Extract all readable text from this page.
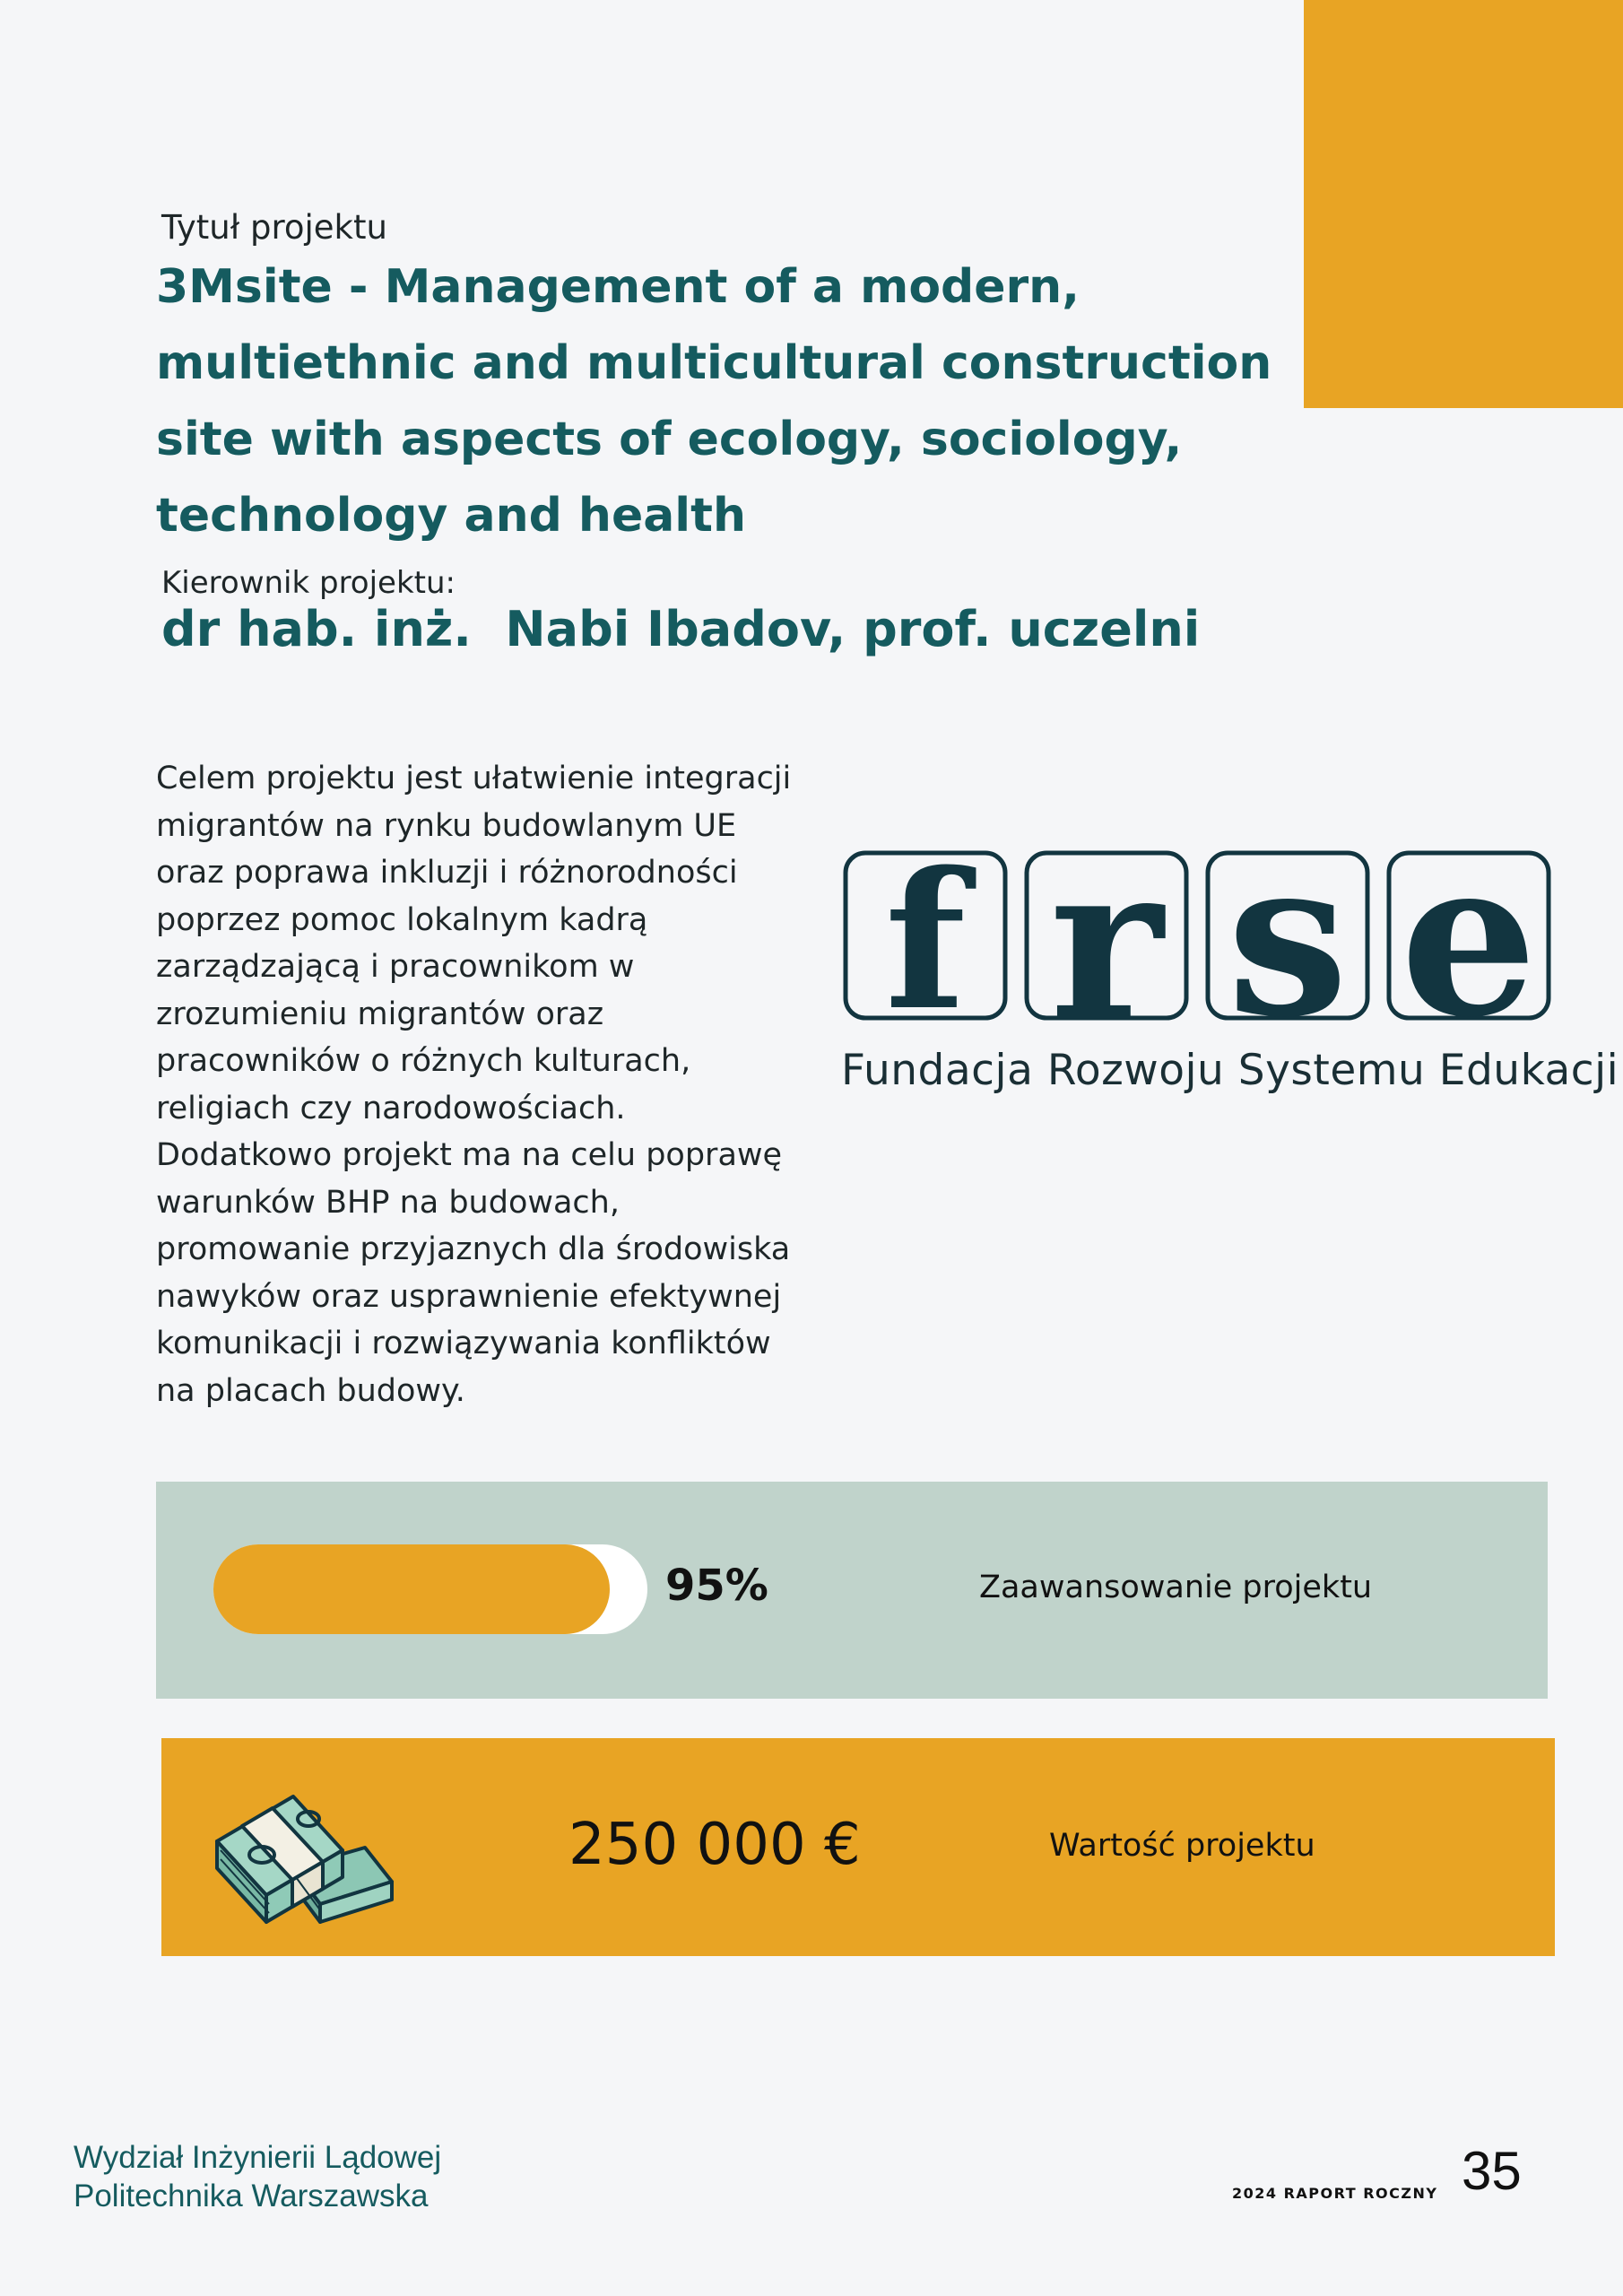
Tytuł projektu

3Msite - Management of a modern, multiethnic and multicultural construction site with aspects of ecology, sociology, technology and health

Kierownik projektu:
dr hab. inż.  Nabi Ibadov, prof. uczelni

Celem projektu jest ułatwienie integracji migrantów na rynku budowlanym UE oraz poprawa inkluzji i różnorodności poprzez pomoc lokalnym kadrą zarządzającą i pracownikom w zrozumieniu migrantów oraz pracowników o różnych kulturach, religiach czy narodowościach. Dodatkowo projekt ma na celu poprawę warunków BHP na budowach, promowanie przyjaznych dla środowiska nawyków oraz usprawnienie efektywnej komunikacji i rozwiązywania konfliktów na placach budowy.

f r s e
Fundacja Rozwoju Systemu Edukacji
95%	Zaawansowanie projektu
250 000 €	Wartość projektu
Wydział Inżynierii Lądowej
Politechnika Warszawska	2024 RAPORT ROCZNY 35
